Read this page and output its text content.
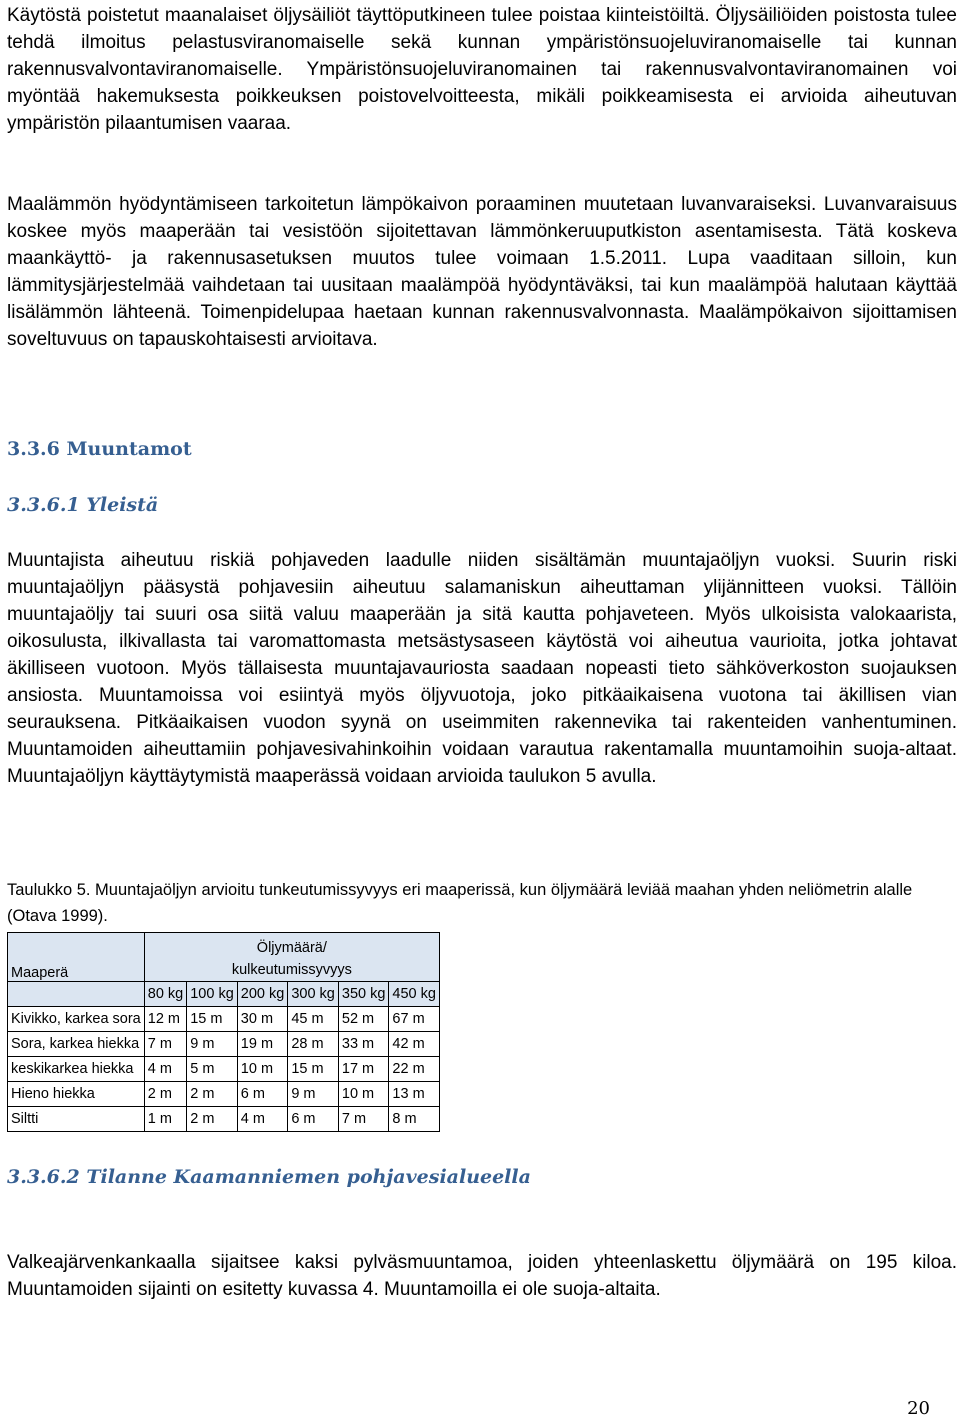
Käytöstä poistetut maanalaiset öljysäiliöt täyttöputkineen tulee poistaa kiinteistöiltä. Öljysäiliöiden poistosta tulee tehdä ilmoitus pelastusviranomaiselle sekä kunnan ympäristönsuojeluviranomaiselle tai kunnan rakennusvalvontaviranomaiselle. Ympäristönsuojeluviranomainen tai rakennusvalvontaviranomainen voi myöntää hakemuksesta poikkeuksen poistovelvoitteesta, mikäli poikkeamisesta ei arvioida aiheutuvan ympäristön pilaantumisen vaaraa.

Maalämmön hyödyntämiseen tarkoitetun lämpökaivon poraaminen muutetaan luvanvaraiseksi. Luvanvaraisuus koskee myös maaperään tai vesistöön sijoitettavan lämmönkeruuputkiston asentamisesta. Tätä koskeva maankäyttö- ja rakennusasetuksen muutos tulee voimaan 1.5.2011. Lupa vaaditaan silloin, kun lämmitysjärjestelmää vaihdetaan tai uusitaan maalämpöä hyödyntäväksi, tai kun maalämpöä halutaan käyttää lisälämmön lähteenä. Toimenpidelupaa haetaan kunnan rakennusvalvonnasta. Maalämpökaivon sijoittamisen soveltuvuus on tapauskohtaisesti arvioitava.

3.3.6 Muuntamot
3.3.6.1 Yleistä

Muuntajista aiheutuu riskiä pohjaveden laadulle niiden sisältämän muuntajaöljyn vuoksi. Suurin riski muuntajaöljyn pääsystä pohjavesiin aiheutuu salamaniskun aiheuttaman ylijännitteen vuoksi. Tällöin muuntajaöljy tai suuri osa siitä valuu maaperään ja sitä kautta pohjaveteen. Myös ulkoisista valokaarista, oikosulusta, ilkivallasta tai varomattomasta metsästysaseen käytöstä voi aiheutua vaurioita, jotka johtavat äkilliseen vuotoon. Myös tällaisesta muuntajavauriosta saadaan nopeasti tieto sähköverkoston suojauksen ansiosta. Muuntamoissa voi esiintyä myös öljyvuotoja, joko pitkäaikaisena vuotona tai äkillisen vian seurauksena. Pitkäaikaisen vuodon syynä on useimmiten rakennevika tai rakenteiden vanhentuminen. Muuntamoiden aiheuttamiin pohjavesivahinkoihin voidaan varautua rakentamalla muuntamoihin suoja-altaat. Muuntajaöljyn käyttäytymistä maaperässä voidaan arvioida taulukon 5 avulla.

Taulukko 5. Muuntajaöljyn arvioitu tunkeutumissyvyys eri maaperissä, kun öljymäärä leviää maahan yhden neliömetrin alalle (Otava 1999).

Maaperä	Öljymäärä/
kulkeutumissyvyys					
	80 kg	100 kg	200 kg	300 kg	350 kg	450 kg
Kivikko, karkea sora	12 m	15 m	30 m	45 m	52 m	67 m
Sora, karkea hiekka	7 m	9 m	19 m	28 m	33 m	42 m
keskikarkea hiekka	4 m	5 m	10 m	15 m	17 m	22 m
Hieno hiekka	2 m	2 m	6 m	9 m	10 m	13 m
Siltti	1 m	2 m	4 m	6 m	7 m	8 m
3.3.6.2 Tilanne Kaamanniemen pohjavesialueella

Valkeajärvenkankaalla sijaitsee kaksi pylväsmuuntamoa, joiden yhteenlaskettu öljymäärä on 195 kiloa. Muuntamoiden sijainti on esitetty kuvassa 4. Muuntamoilla ei ole suoja-altaita.

20
